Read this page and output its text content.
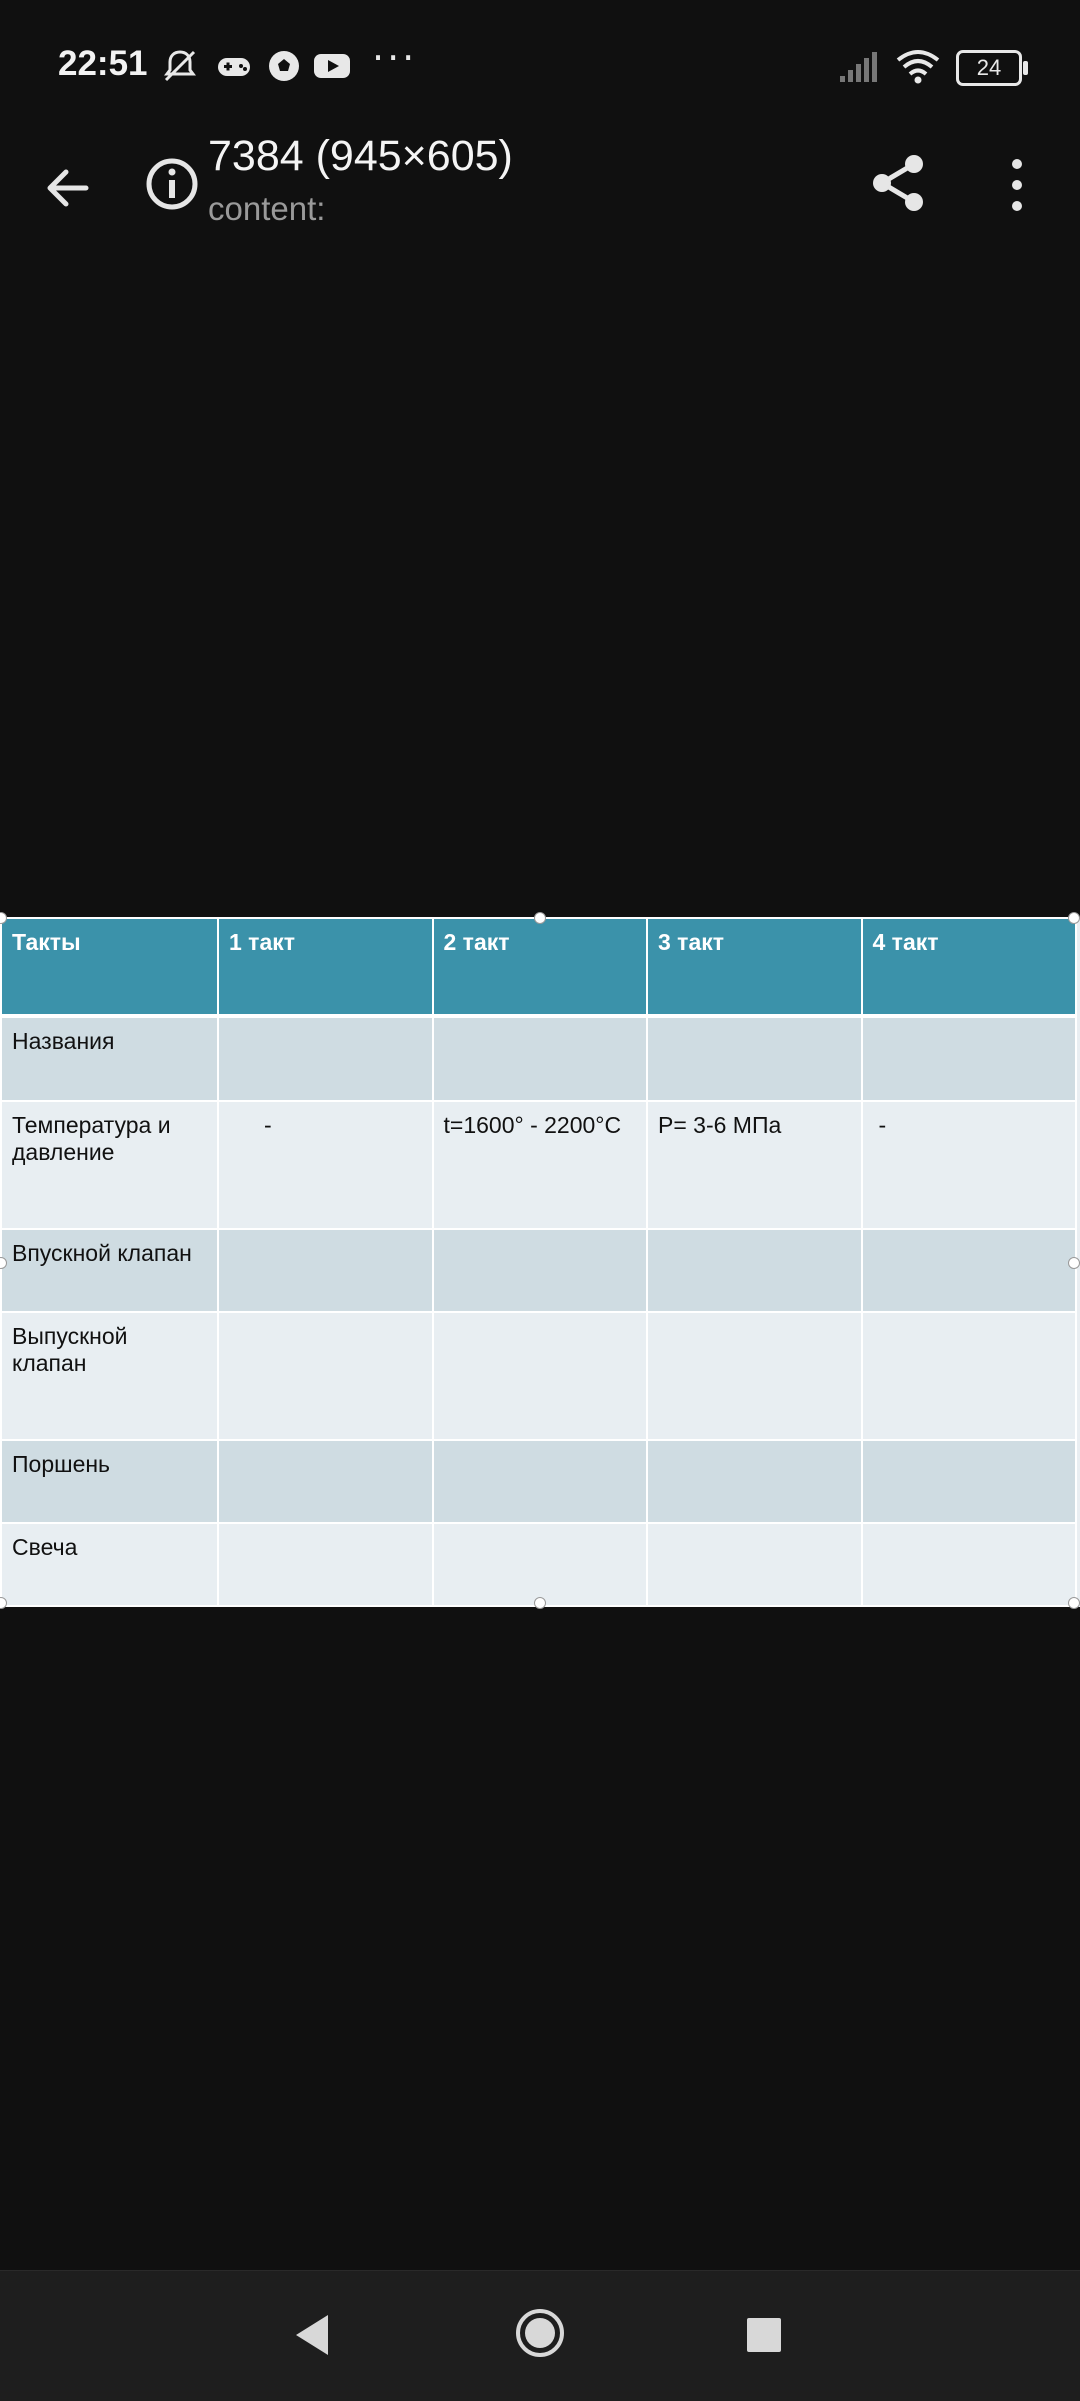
22:51	···	24
7384 (945×605)
content:
Такты	1 такт	2 такт	3 такт	4 такт
Названия				
Температура и давление	-	t=1600° - 2200°C	P= 3-6 МПа	-
Впускной клапан				
Выпускной клапан				
Поршень				
Свеча				
